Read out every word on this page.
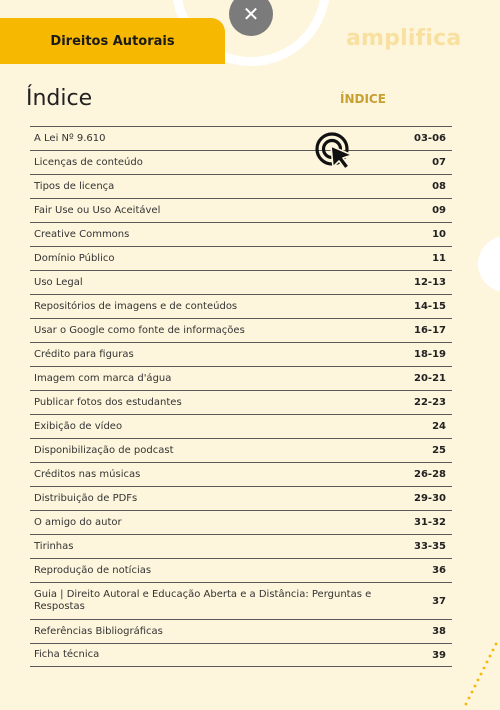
✕
Direitos Autorais	amplifica
Índice	ÍNDICE
A Lei Nº 9.610	03-06
Licenças de conteúdo	07
Tipos de licença	08
Fair Use ou Uso Aceitável	09
Creative Commons	10
Domínio Público	11
Uso Legal	12-13
Repositórios de imagens e de conteúdos	14-15
Usar o Google como fonte de informações	16-17
Crédito para figuras	18-19
Imagem com marca d'água	20-21
Publicar fotos dos estudantes	22-23
Exibição de vídeo	24
Disponibilização de podcast	25
Créditos nas músicas	26-28
Distribuição de PDFs	29-30
O amigo do autor	31-32
Tirinhas	33-35
Reprodução de notícias	36
Guia | Direito Autoral e Educação Aberta e a Distância: Perguntas e Respostas	37
Referências Bibliográficas	38
Ficha técnica	39
